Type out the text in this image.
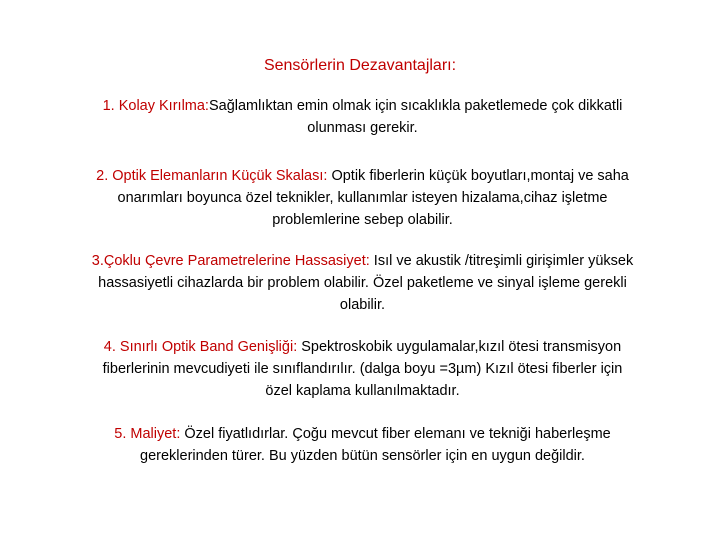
Sensörlerin Dezavantajları:
1. Kolay Kırılma:Sağlamlıktan emin olmak için sıcaklıkla paketlemede çok dikkatli olunması gerekir.
2. Optik Elemanların Küçük Skalası: Optik fiberlerin küçük boyutları,montaj ve saha onarımları boyunca özel teknikler, kullanımlar isteyen hizalama,cihaz işletme problemlerine sebep olabilir.
3.Çoklu Çevre Parametrelerine Hassasiyet: Isıl ve akustik /titreşimli girişimler yüksek hassasiyetli cihazlarda bir problem olabilir. Özel paketleme ve sinyal işleme gerekli olabilir.
4. Sınırlı Optik Band Genişliği: Spektroskobik uygulamalar,kızıl ötesi transmisyon fiberlerinin mevcudiyeti ile sınıflandırılır. (dalga boyu =3µm) Kızıl ötesi fiberler için özel kaplama kullanılmaktadır.
5. Maliyet: Özel fiyatlıdırlar. Çoğu mevcut fiber elemanı ve tekniği haberleşme gereklerinden türer. Bu yüzden bütün sensörler için en uygun değildir.
